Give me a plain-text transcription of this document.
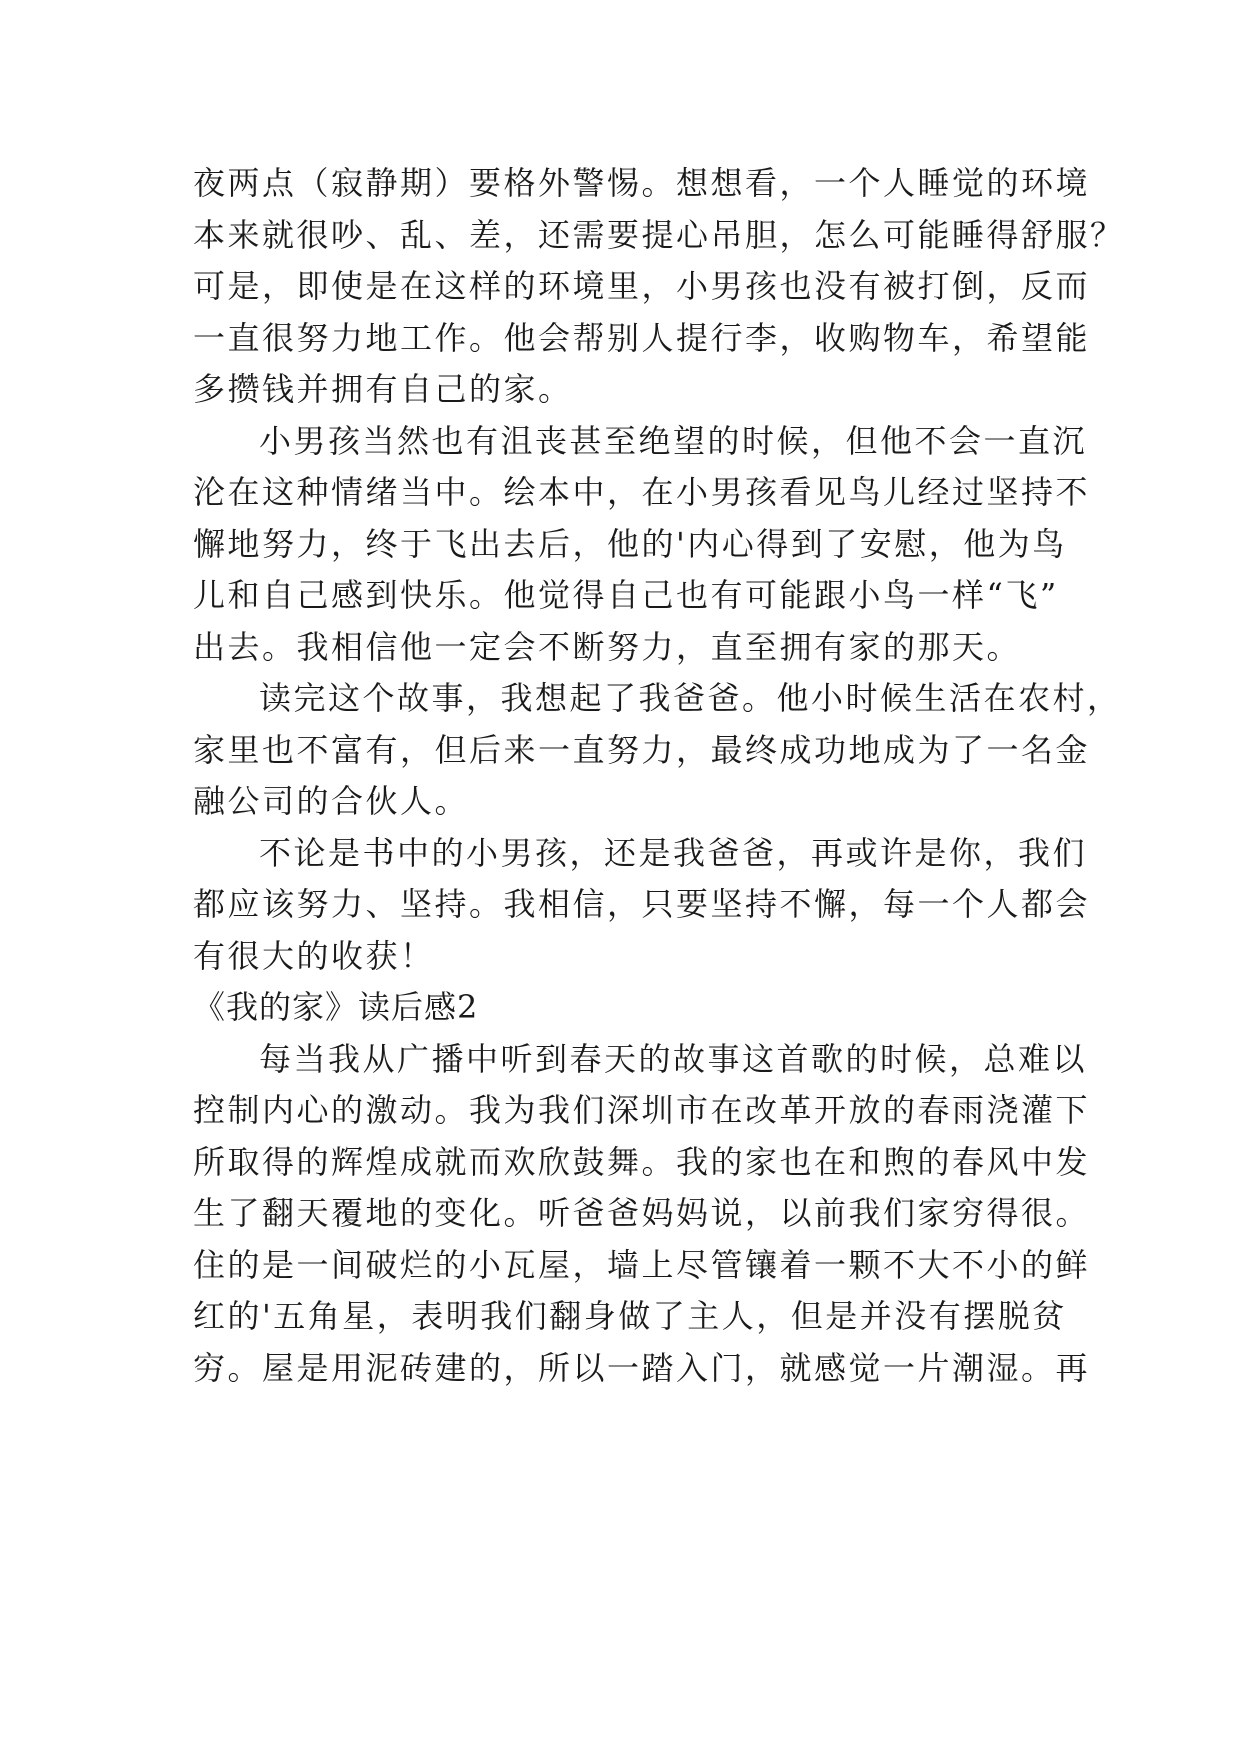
夜两点（寂静期）要格外警惕。想想看，一个人睡觉的环境
本来就很吵、乱、差，还需要提心吊胆，怎么可能睡得舒服？
可是，即使是在这样的环境里，小男孩也没有被打倒，反而
一直很努力地工作。他会帮别人提行李，收购物车，希望能
多攒钱并拥有自己的家。
小男孩当然也有沮丧甚至绝望的时候，但他不会一直沉
沦在这种情绪当中。绘本中，在小男孩看见鸟儿经过坚持不
懈地努力，终于飞出去后，他的'内心得到了安慰，他为鸟
儿和自己感到快乐。他觉得自己也有可能跟小鸟一样“飞”
出去。我相信他一定会不断努力，直至拥有家的那天。
读完这个故事，我想起了我爸爸。他小时候生活在农村，
家里也不富有，但后来一直努力，最终成功地成为了一名金
融公司的合伙人。
不论是书中的小男孩，还是我爸爸，再或许是你，我们
都应该努力、坚持。我相信，只要坚持不懈，每一个人都会
有很大的收获！
《我的家》读后感2
每当我从广播中听到春天的故事这首歌的时候，总难以
控制内心的激动。我为我们深圳市在改革开放的春雨浇灌下
所取得的辉煌成就而欢欣鼓舞。我的家也在和煦的春风中发
生了翻天覆地的变化。听爸爸妈妈说，以前我们家穷得很。
住的是一间破烂的小瓦屋，墙上尽管镶着一颗不大不小的鲜
红的'五角星，表明我们翻身做了主人，但是并没有摆脱贫
穷。屋是用泥砖建的，所以一踏入门，就感觉一片潮湿。再
